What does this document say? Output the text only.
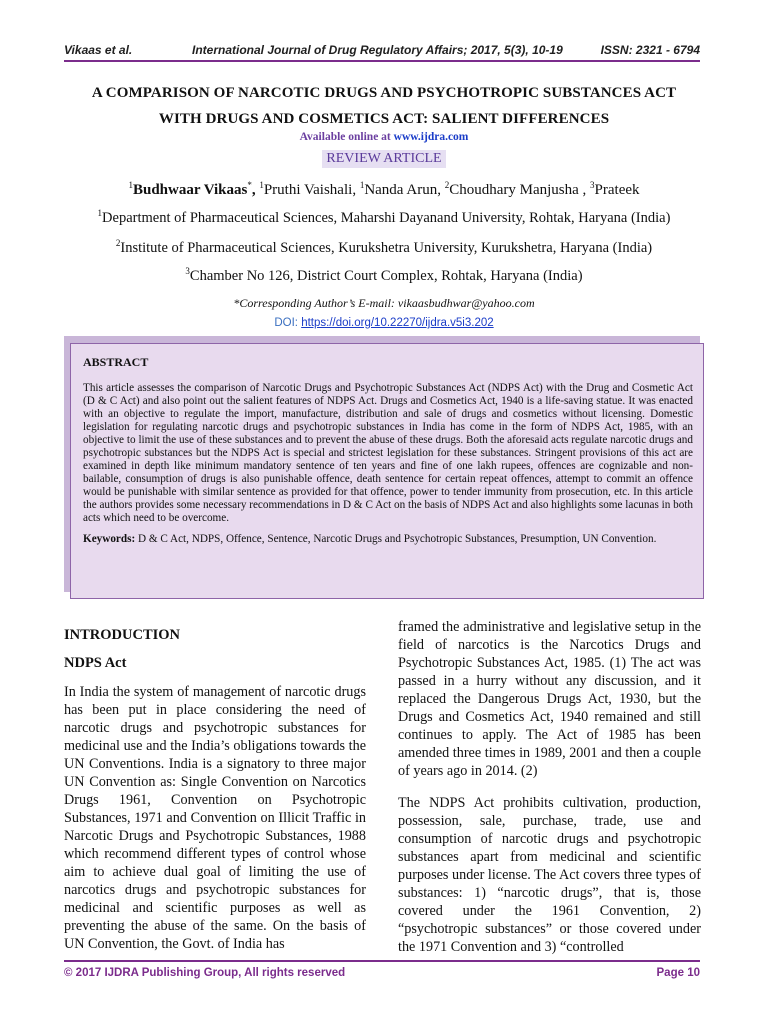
Vikaas et al.	International Journal of Drug Regulatory Affairs; 2017, 5(3), 10-19	ISSN: 2321 - 6794
A COMPARISON OF NARCOTIC DRUGS AND PSYCHOTROPIC SUBSTANCES ACT
WITH DRUGS AND COSMETICS ACT: SALIENT DIFFERENCES
Available online at www.ijdra.com
REVIEW ARTICLE
$^1$Budhwaar Vikaas*, $^1$Pruthi Vaishali, $^1$Nanda Arun, $^2$Choudhary Manjusha , $^3$Prateek
$^1$Department of Pharmaceutical Sciences, Maharshi Dayanand University, Rohtak, Haryana (India)
$^2$Institute of Pharmaceutical Sciences, Kurukshetra University, Kurukshetra, Haryana (India)
$^3$Chamber No 126, District Court Complex, Rohtak, Haryana (India)
*Corresponding Author’s E-mail: vikaasbudhwar@yahoo.com
DOI: https://doi.org/10.22270/ijdra.v5i3.202
ABSTRACT

This article assesses the comparison of Narcotic Drugs and Psychotropic Substances Act (NDPS Act) with the Drug and Cosmetic Act (D & C Act) and also point out the salient features of NDPS Act. Drugs and Cosmetics Act, 1940 is a life-saving statue. It was enacted with an objective to regulate the import, manufacture, distribution and sale of drugs and cosmetics without licensing. Domestic legislation for regulating narcotic drugs and psychotropic substances in India has come in the form of NDPS Act, 1985, with an objective to limit the use of these substances and to prevent the abuse of these drugs. Both the aforesaid acts regulate narcotic drugs and psychotropic substances but the NDPS Act is special and strictest legislation for these substances. Stringent provisions of this act are examined in depth like minimum mandatory sentence of ten years and fine of one lakh rupees, offences are cognizable and non-bailable, consumption of drugs is also punishable offence, death sentence for certain repeat offences, attempt to commit an offence would be punishable with similar sentence as provided for that offence, power to tender immunity from prosecution, etc. In this article the authors provides some necessary recommendations in D & C Act on the basis of NDPS Act and also highlights some lacunas in both acts which need to be overcome.

Keywords: D & C Act, NDPS, Offence, Sentence, Narcotic Drugs and Psychotropic Substances, Presumption, UN Convention.

INTRODUCTION
NDPS Act

In India the system of management of narcotic drugs has been put in place considering the need of narcotic drugs and psychotropic substances for medicinal use and the India’s obligations towards the UN Conventions. India is a signatory to three major UN Convention as: Single Convention on Narcotics Drugs 1961, Convention on Psychotropic Substances, 1971 and Convention on Illicit Traffic in Narcotic Drugs and Psychotropic Substances, 1988 which recommend different types of control whose aim to achieve dual goal of limiting the use of narcotics drugs and psychotropic substances for medicinal and scientific purposes as well as preventing the abuse of the same. On the basis of UN Convention, the Govt. of India has

framed the administrative and legislative setup in the field of narcotics is the Narcotics Drugs and Psychotropic Substances Act, 1985. (1) The act was passed in a hurry without any discussion, and it replaced the Dangerous Drugs Act, 1930, but the Drugs and Cosmetics Act, 1940 remained and still continues to apply. The Act of 1985 has been amended three times in 1989, 2001 and then a couple of years ago in 2014. (2)

The NDPS Act prohibits cultivation, production, possession, sale, purchase, trade, use and consumption of narcotic drugs and psychotropic substances apart from medicinal and scientific purposes under license. The Act covers three types of substances: 1) “narcotic drugs”, that is, those covered under the 1961 Convention, 2) “psychotropic substances” or those covered under the 1971 Convention and 3) “controlled

© 2017 IJDRA Publishing Group, All rights reserved	Page 10
